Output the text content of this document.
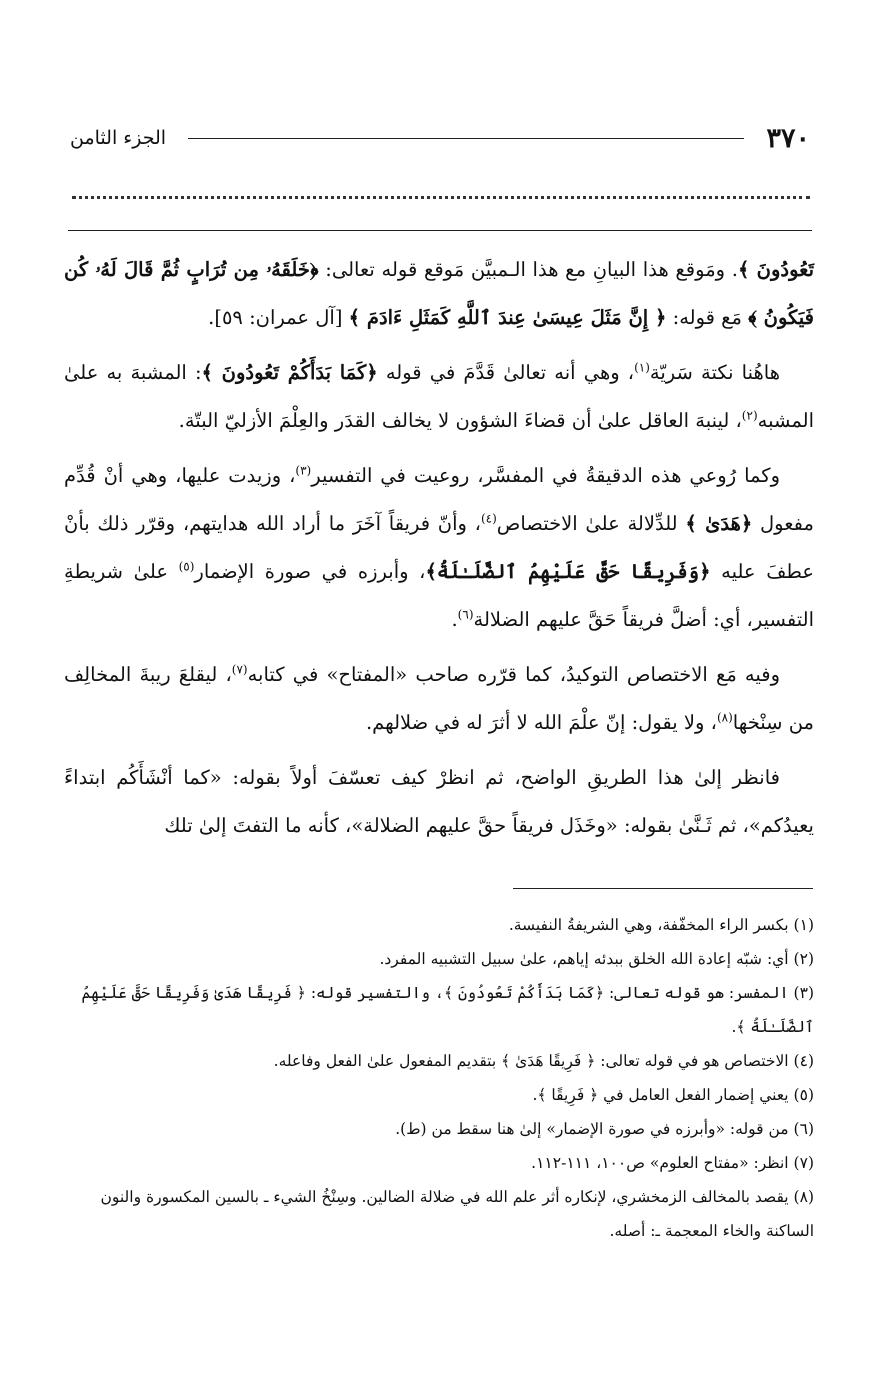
٣٧٠
الجزء الثامن

تَعُودُونَ ﴾. ومَوقع هذا البيانِ مع هذا الـمبيَّن مَوقع قوله تعالى: ﴿خَلَقَهُۥ مِن تُرَابٍ ثُمَّ قَالَ لَهُۥ كُن فَيَكُونُ ﴾ مَع قوله: ﴿ إِنَّ مَثَلَ عِيسَىٰ عِندَ ٱللَّهِ كَمَثَلِ ءَادَمَ ﴾ [آل عمران: ٥٩].

هاهُنا نكتة سَريّة$^{(١)}$، وهي أنه تعالىٰ قَدَّمَ في قوله ﴿كَمَا بَدَأَكُمْ تَعُودُونَ ﴾: المشبهَ به علىٰ المشبه$^{(٢)}$، لينبهَ العاقل علىٰ أن قضاءَ الشؤون لا يخالف القدَر والعِلْمَ الأزليّ البتّة.

وكما رُوعي هذه الدقيقةُ في المفسَّر، روعيت في التفسير$^{(٣)}$، وزيدت عليها، وهي أنْ قُدِّم مفعول ﴿هَدَىٰ ﴾ للدِّلالة علىٰ الاختصاص$^{(٤)}$، وأنّ فريقاً آخَرَ ما أراد الله هدايتهم، وقرّر ذلك بأنْ عطفَ عليه ﴿وَفَرِيقًا حَقَّ عَلَيْهِمُ ٱلضَّلَـٰلَةُ﴾، وأبرزه في صورة الإضمار$^{(٥)}$ علىٰ شريطةِ التفسير، أي: أضلَّ فريقاً حَقَّ عليهم الضلالة$^{(٦)}$.

وفيه مَع الاختصاص التوكيدُ، كما قرّره صاحب «المفتاح» في كتابه$^{(٧)}$، ليقلعَ ريبةَ المخالِف من سِنْخها$^{(٨)}$، ولا يقول: إنّ علْمَ الله لا أثرَ له في ضلالهم.

فانظر إلىٰ هذا الطريقِ الواضح، ثم انظرْ كيف تعسّفَ أولاً بقوله: «كما أنْشَأَكُم ابتداءً يعيدُكم»، ثم ثَـنَّىٰ بقوله: «وخَذَل فريقاً حقَّ عليهم الضلالة»، كأنه ما التفتَ إلىٰ تلك

(١) بكسر الراء المخفّفة، وهي الشريفةُ النفيسة.
(٢) أي: شبّه إعادة الله الخلق ببدئه إياهم، علىٰ سبيل التشبيه المفرد.
(٣) المفسر: هو قوله تعالى: ﴿كَمَا بَدَأَكُمْ تَعُودُونَ ﴾، والتفسير قوله: ﴿ فَرِيقًا هَدَىٰ وَفَرِيقًا حَقَّ عَلَيْهِمُ ٱلضَّلَـٰلَةُ ﴾.
(٤) الاختصاص هو في قوله تعالى: ﴿ فَرِيقًا هَدَىٰ ﴾ بتقديم المفعول علىٰ الفعل وفاعله.
(٥) يعني إضمار الفعل العامل في ﴿ فَرِيقًا ﴾.
(٦) من قوله: «وأبرزه في صورة الإضمار» إلىٰ هنا سقط من (ط).
(٧) انظر: «مفتاح العلوم» ص١٠٠، ١١١-١١٢.
(٨) يقصد بالمخالف الزمخشري، لإنكاره أثر علم الله في ضلالة الضالين. وسِنْخُ الشيء ـ بالسين المكسورة والنون الساكنة والخاء المعجمة ـ: أصله.
